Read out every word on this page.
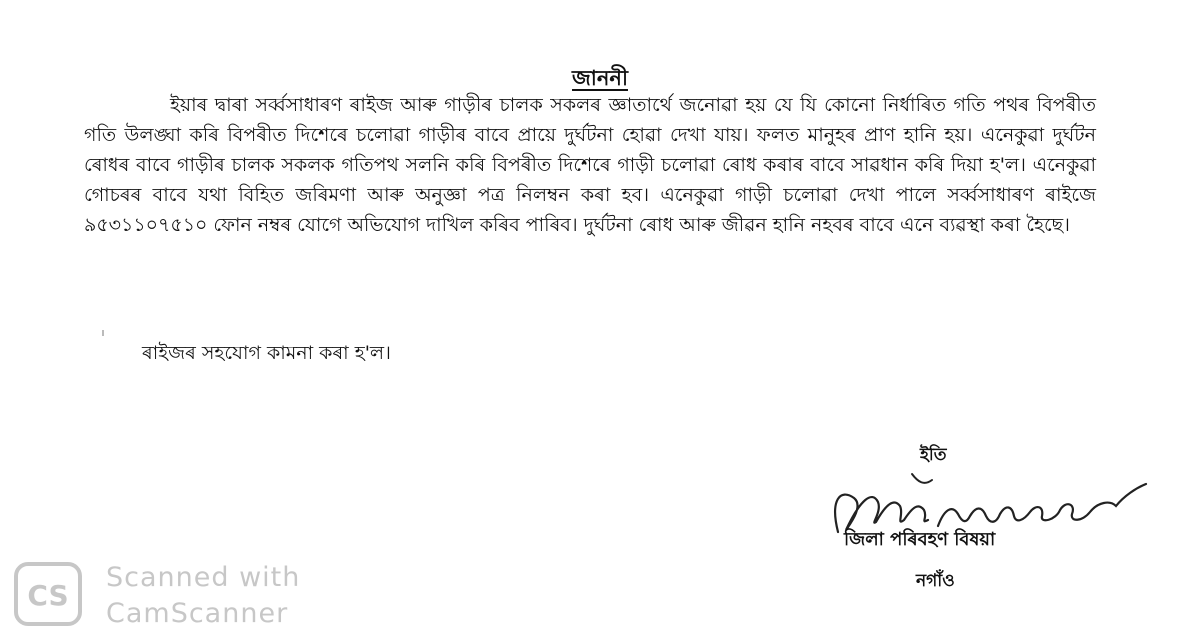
জাননী

ইয়াৰ দ্বাৰা সৰ্ব্বসাধাৰণ ৰাইজ আৰু গাড়ীৰ চালক সকলৰ জ্ঞাতাৰ্থে জনোৱা হয় যে যি কোনো নিৰ্ধাৰিত গতি পথৰ বিপৰীত গতি উলঙ্ঘা কৰি বিপৰীত দিশেৰে চলোৱা গাড়ীৰ বাবে প্ৰায়ে দুৰ্ঘটনা হোৱা দেখা যায়। ফলত মানুহৰ প্ৰাণ হানি হয়। এনেকুৱা দুৰ্ঘটন ৰোধৰ বাবে গাড়ীৰ চালক সকলক গতিপথ সলনি কৰি বিপৰীত দিশেৰে গাড়ী চলোৱা ৰোধ কৰাৰ বাবে সাৱধান কৰি দিয়া হ'ল। এনেকুৱা গোচৰৰ বাবে যথা বিহিত জৰিমণা আৰু অনুজ্ঞা পত্ৰ নিলম্বন কৰা হব। এনেকুৱা গাড়ী চলোৱা দেখা পালে সৰ্ব্বসাধাৰণ ৰাইজে ৯৫৩১১০৭৫১০ ফোন নম্বৰ যোগে অভিযোগ দাখিল কৰিব পাৰিব। দুৰ্ঘটনা ৰোধ আৰু জীৱন হানি নহবৰ বাবে এনে ব্যৱস্থা কৰা হৈছে।

ৰাইজৰ সহযোগ কামনা কৰা হ'ল।
ইতি
জিলা পৰিবহণ বিষয়া
নগাঁও
CS
Scanned with
CamScanner
